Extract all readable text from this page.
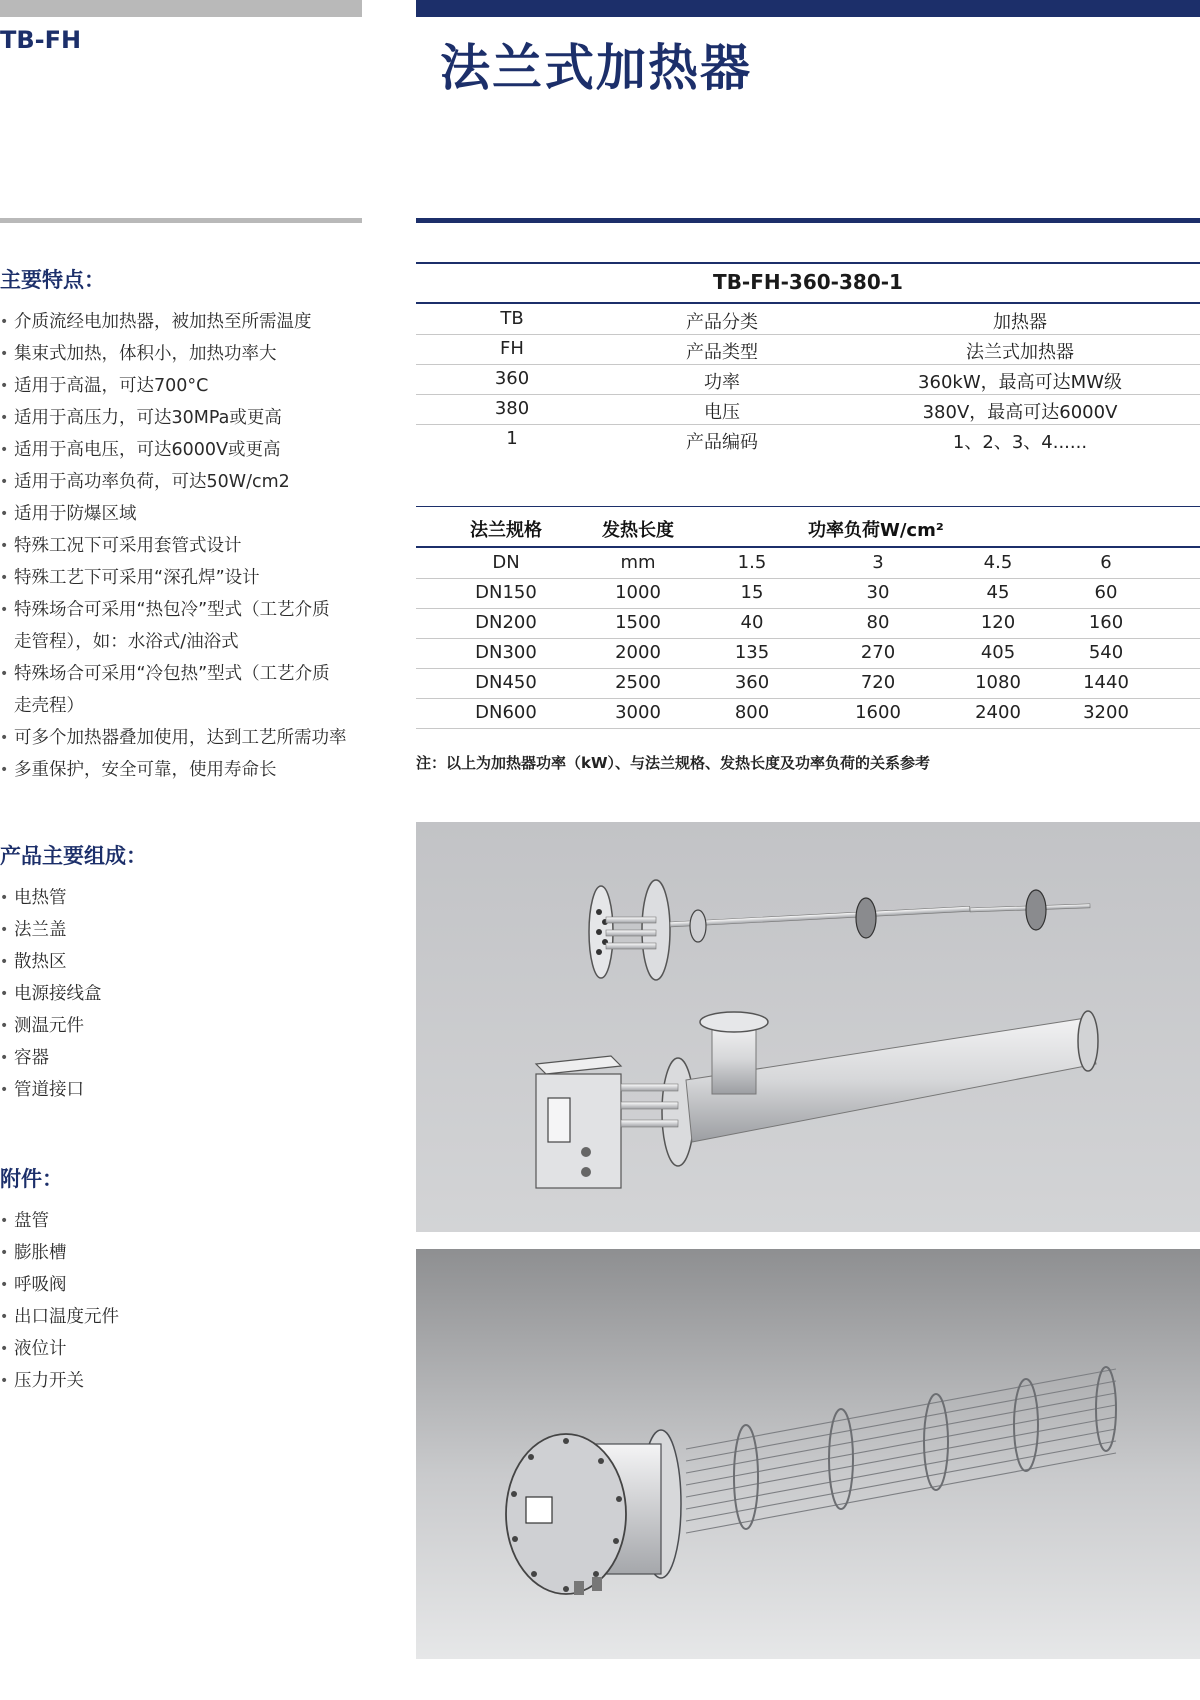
TB-FH
主要特点：
• 介质流经电加热器，被加热至所需温度
• 集束式加热，体积小，加热功率大
• 适用于高温，可达700°C
• 适用于高压力，可达30MPa或更高
• 适用于高电压，可达6000V或更高
• 适用于高功率负荷，可达50W/cm2
• 适用于防爆区域
• 特殊工况下可采用套管式设计
• 特殊工艺下可采用“深孔焊”设计
• 特殊场合可采用“热包冷”型式（工艺介质
走管程），如：水浴式/油浴式
• 特殊场合可采用“冷包热”型式（工艺介质
走壳程）
• 可多个加热器叠加使用，达到工艺所需功率
• 多重保护，安全可靠，使用寿命长
产品主要组成：
• 电热管
• 法兰盖
• 散热区
• 电源接线盒
• 测温元件
• 容器
• 管道接口
附件：
• 盘管
• 膨胀槽
• 呼吸阀
• 出口温度元件
• 液位计
• 压力开关
法兰式加热器
TB-FH-360-380-1
TB	产品分类	加热器
FH	产品类型	法兰式加热器
360	功率	360kW，最高可达MW级
380	电压	380V，最高可达6000V
1	产品编码	1、2、3、4......
法兰规格	发热长度	功率负荷W/cm²
DN	mm	1.5	3	4.5	6
DN150	1000	15	30	45	60
DN200	1500	40	80	120	160
DN300	2000	135	270	405	540
DN450	2500	360	720	1080	1440
DN600	3000	800	1600	2400	3200
注：以上为加热器功率（kW）、与法兰规格、发热长度及功率负荷的关系参考
